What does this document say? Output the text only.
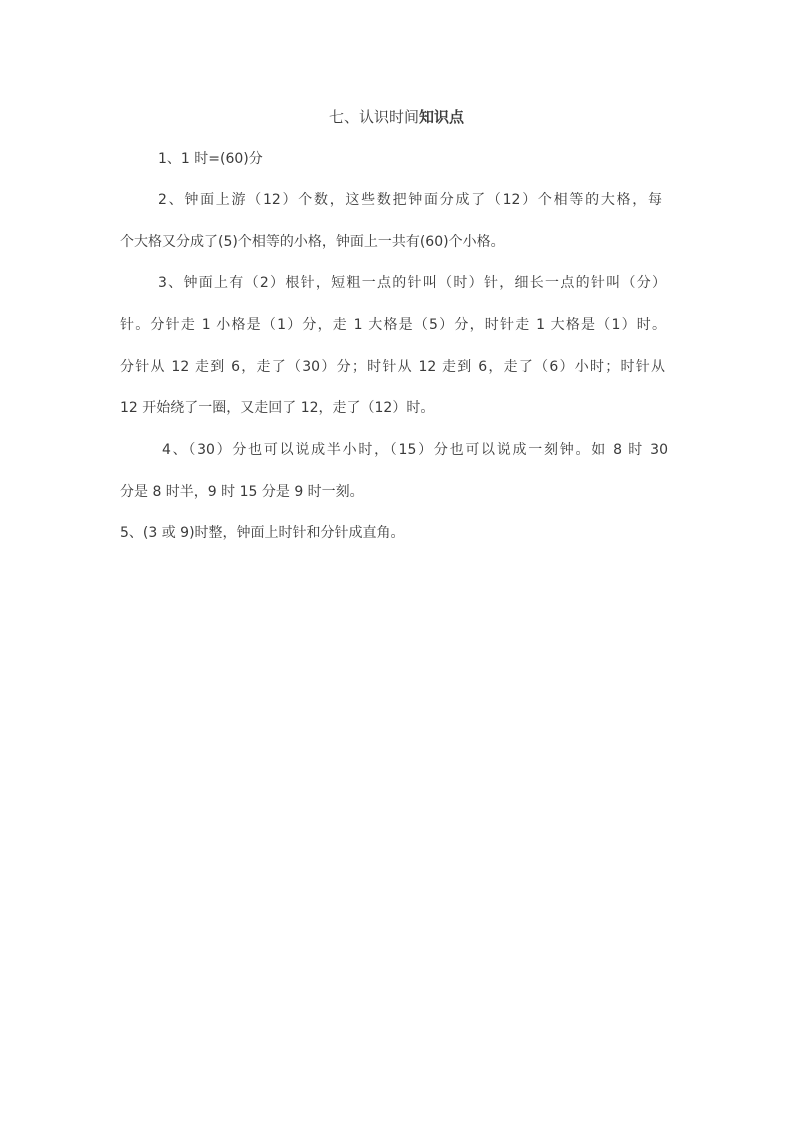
七、认识时间知识点
1、1 时=(60)分
2、钟面上游（12）个数，这些数把钟面分成了（12）个相等的大格，每
个大格又分成了(5)个相等的小格，钟面上一共有(60)个小格。
3、钟面上有（2）根针，短粗一点的针叫（时）针，细长一点的针叫（分）
针。分针走 1 小格是（1）分，走 1 大格是（5）分，时针走 1 大格是（1）时。
分针从 12 走到 6，走了（30）分；时针从 12 走到 6，走了（6）小时；时针从
12 开始绕了一圈，又走回了 12，走了（12）时。
4、（30）分也可以说成半小时，（15）分也可以说成一刻钟。如 8 时 30
分是 8 时半，9 时 15 分是 9 时一刻。
5、(3 或 9)时整，钟面上时针和分针成直角。
